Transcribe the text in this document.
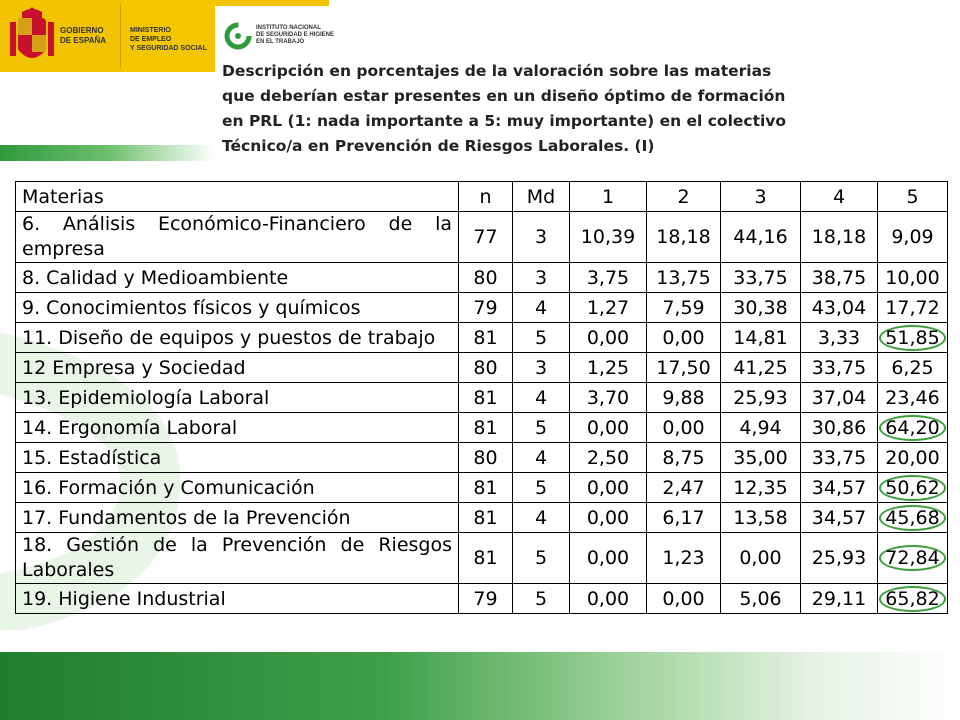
GOBIERNO
DE ESPAÑA
MINISTERIO
DE EMPLEO
Y SEGURIDAD SOCIAL
INSTITUTO NACIONAL
DE SEGURIDAD E HIGIENE
EN EL TRABAJO
Descripción en porcentajes de la valoración sobre las materias
que deberían estar presentes en un diseño óptimo de formación
en PRL (1: nada importante a 5: muy importante) en el colectivo
Técnico/a en Prevención de Riesgos Laborales. (I)
Materias	n	Md	1	2	3	4	5
6. Análisis Económico-Financiero de la empresa	77	3	10,39	18,18	44,16	18,18	9,09
8. Calidad y Medioambiente	80	3	3,75	13,75	33,75	38,75	10,00
9. Conocimientos físicos y químicos	79	4	1,27	7,59	30,38	43,04	17,72
11. Diseño de equipos y puestos de trabajo	81	5	0,00	0,00	14,81	3,33	51,85
12 Empresa y Sociedad	80	3	1,25	17,50	41,25	33,75	6,25
13. Epidemiología Laboral	81	4	3,70	9,88	25,93	37,04	23,46
14. Ergonomía Laboral	81	5	0,00	0,00	4,94	30,86	64,20
15. Estadística	80	4	2,50	8,75	35,00	33,75	20,00
16. Formación y Comunicación	81	5	0,00	2,47	12,35	34,57	50,62
17. Fundamentos de la Prevención	81	4	0,00	6,17	13,58	34,57	45,68
18. Gestión de la Prevención de Riesgos Laborales	81	5	0,00	1,23	0,00	25,93	72,84
19. Higiene Industrial	79	5	0,00	0,00	5,06	29,11	65,82
